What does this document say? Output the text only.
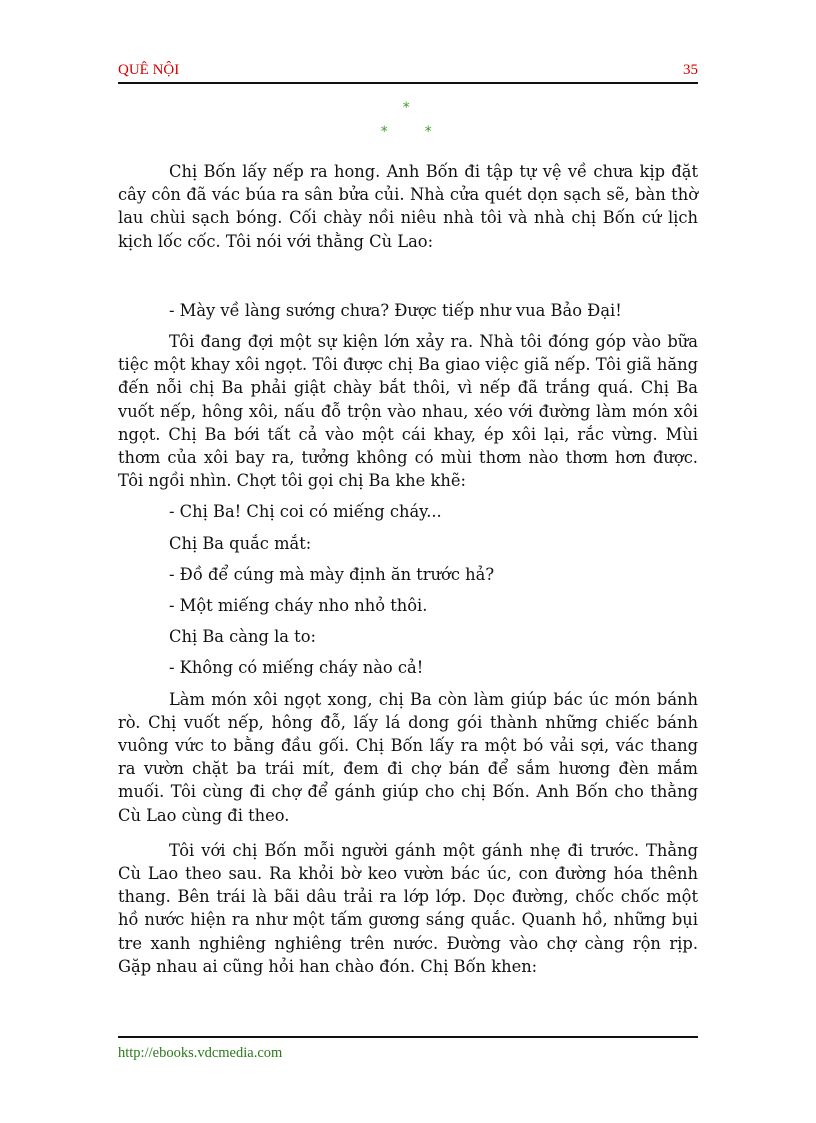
QUÊ NỘI	35
*
*	*

Chị Bốn lấy nếp ra hong. Anh Bốn đi tập tự vệ về chưa kịp đặt cây côn đã vác búa ra sân bửa củi. Nhà cửa quét dọn sạch sẽ, bàn thờ lau chùi sạch bóng. Cối chày nồi niêu nhà tôi và nhà chị Bốn cứ lịch kịch lốc cốc. Tôi nói với thằng Cù Lao:

- Mày về làng sướng chưa? Được tiếp như vua Bảo Đại!

Tôi đang đợi một sự kiện lớn xảy ra. Nhà tôi đóng góp vào bữa tiệc một khay xôi ngọt. Tôi được chị Ba giao việc giã nếp. Tôi giã hăng đến nỗi chị Ba phải giật chày bắt thôi, vì nếp đã trắng quá. Chị Ba vuốt nếp, hông xôi, nấu đỗ trộn vào nhau, xéo với đường làm món xôi ngọt. Chị Ba bới tất cả vào một cái khay, ép xôi lại, rắc vừng. Mùi thơm của xôi bay ra, tưởng không có mùi thơm nào thơm hơn được. Tôi ngồi nhìn. Chợt tôi gọi chị Ba khe khẽ:

- Chị Ba! Chị coi có miếng cháy...

Chị Ba quắc mắt:

- Đồ để cúng mà mày định ăn trước hả?

- Một miếng cháy nho nhỏ thôi.

Chị Ba càng la to:

- Không có miếng cháy nào cả!

Làm món xôi ngọt xong, chị Ba còn làm giúp bác úc món bánh rò. Chị vuốt nếp, hông đỗ, lấy lá dong gói thành những chiếc bánh vuông vức to bằng đầu gối. Chị Bốn lấy ra một bó vải sợi, vác thang ra vườn chặt ba trái mít, đem đi chợ bán để sắm hương đèn mắm muối. Tôi cùng đi chợ để gánh giúp cho chị Bốn. Anh Bốn cho thằng Cù Lao cùng đi theo.

Tôi với chị Bốn mỗi người gánh một gánh nhẹ đi trước. Thằng Cù Lao theo sau. Ra khỏi bờ keo vườn bác úc, con đường hóa thênh thang. Bên trái là bãi dâu trải ra lớp lớp. Dọc đường, chốc chốc một hồ nước hiện ra như một tấm gương sáng quắc. Quanh hồ, những bụi tre xanh nghiêng nghiêng trên nước. Đường vào chợ càng rộn rịp. Gặp nhau ai cũng hỏi han chào đón. Chị Bốn khen:

http://ebooks.vdcmedia.com
